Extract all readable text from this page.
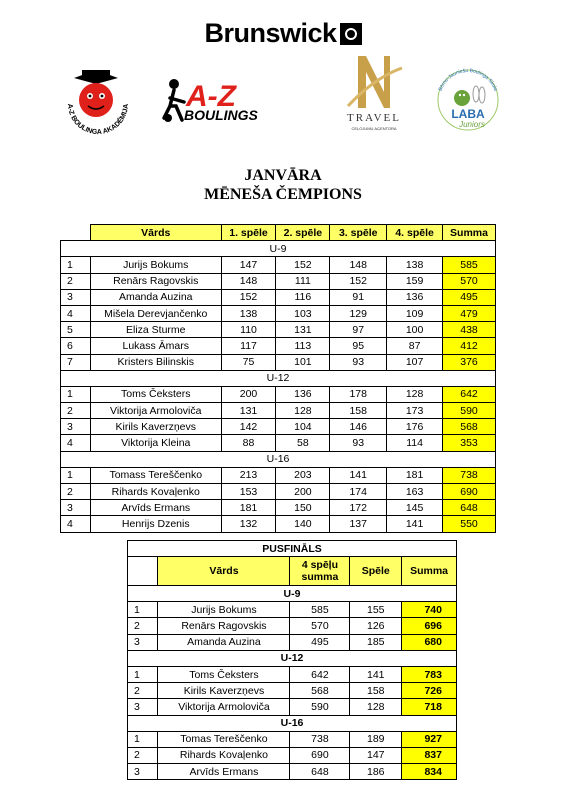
Brunswick
A-Z BOULINGA AKADĒMIJA A-Z
BOULINGS	TRAVEL
CEĻOJUMU AĢENTŪRA
Bērnu-Jauniešu Boulinga Skola
LABA
Juniors
JANVĀRA
MĒNEŠA ČEMPIONS
	Vārds	1. spēle	2. spēle	3. spēle	4. spēle	Summa
U-9						
1	Jurijs Bokums	147	152	148	138	585
2	Renārs Ragovskis	148	111	152	159	570
3	Amanda Auzina	152	116	91	136	495
4	Mišela Derevjančenko	138	103	129	109	479
5	Eliza Sturme	110	131	97	100	438
6	Lukass Āmars	117	113	95	87	412
7	Kristers Bilinskis	75	101	93	107	376
U-12						
1	Toms Čeksters	200	136	178	128	642
2	Viktorija Armoloviča	131	128	158	173	590
3	Kirils Kaverzņevs	142	104	146	176	568
4	Viktorija Kleina	88	58	93	114	353
U-16						
1	Tomass Tereščenko	213	203	141	181	738
2	Rihards Kovaļenko	153	200	174	163	690
3	Arvīds Ermans	181	150	172	145	648
4	Henrijs Dzenis	132	140	137	141	550
PUSFINĀLS				
	Vārds	4 spēļu summa	Spēle	Summa
U-9				
1	Jurijs Bokums	585	155	740
2	Renārs Ragovskis	570	126	696
3	Amanda Auzina	495	185	680
U-12				
1	Toms Čeksters	642	141	783
2	Kirils Kaverzņevs	568	158	726
3	Viktorija Armoloviča	590	128	718
U-16				
1	Tomas Tereščenko	738	189	927
2	Rihards Kovaļenko	690	147	837
3	Arvīds Ermans	648	186	834
